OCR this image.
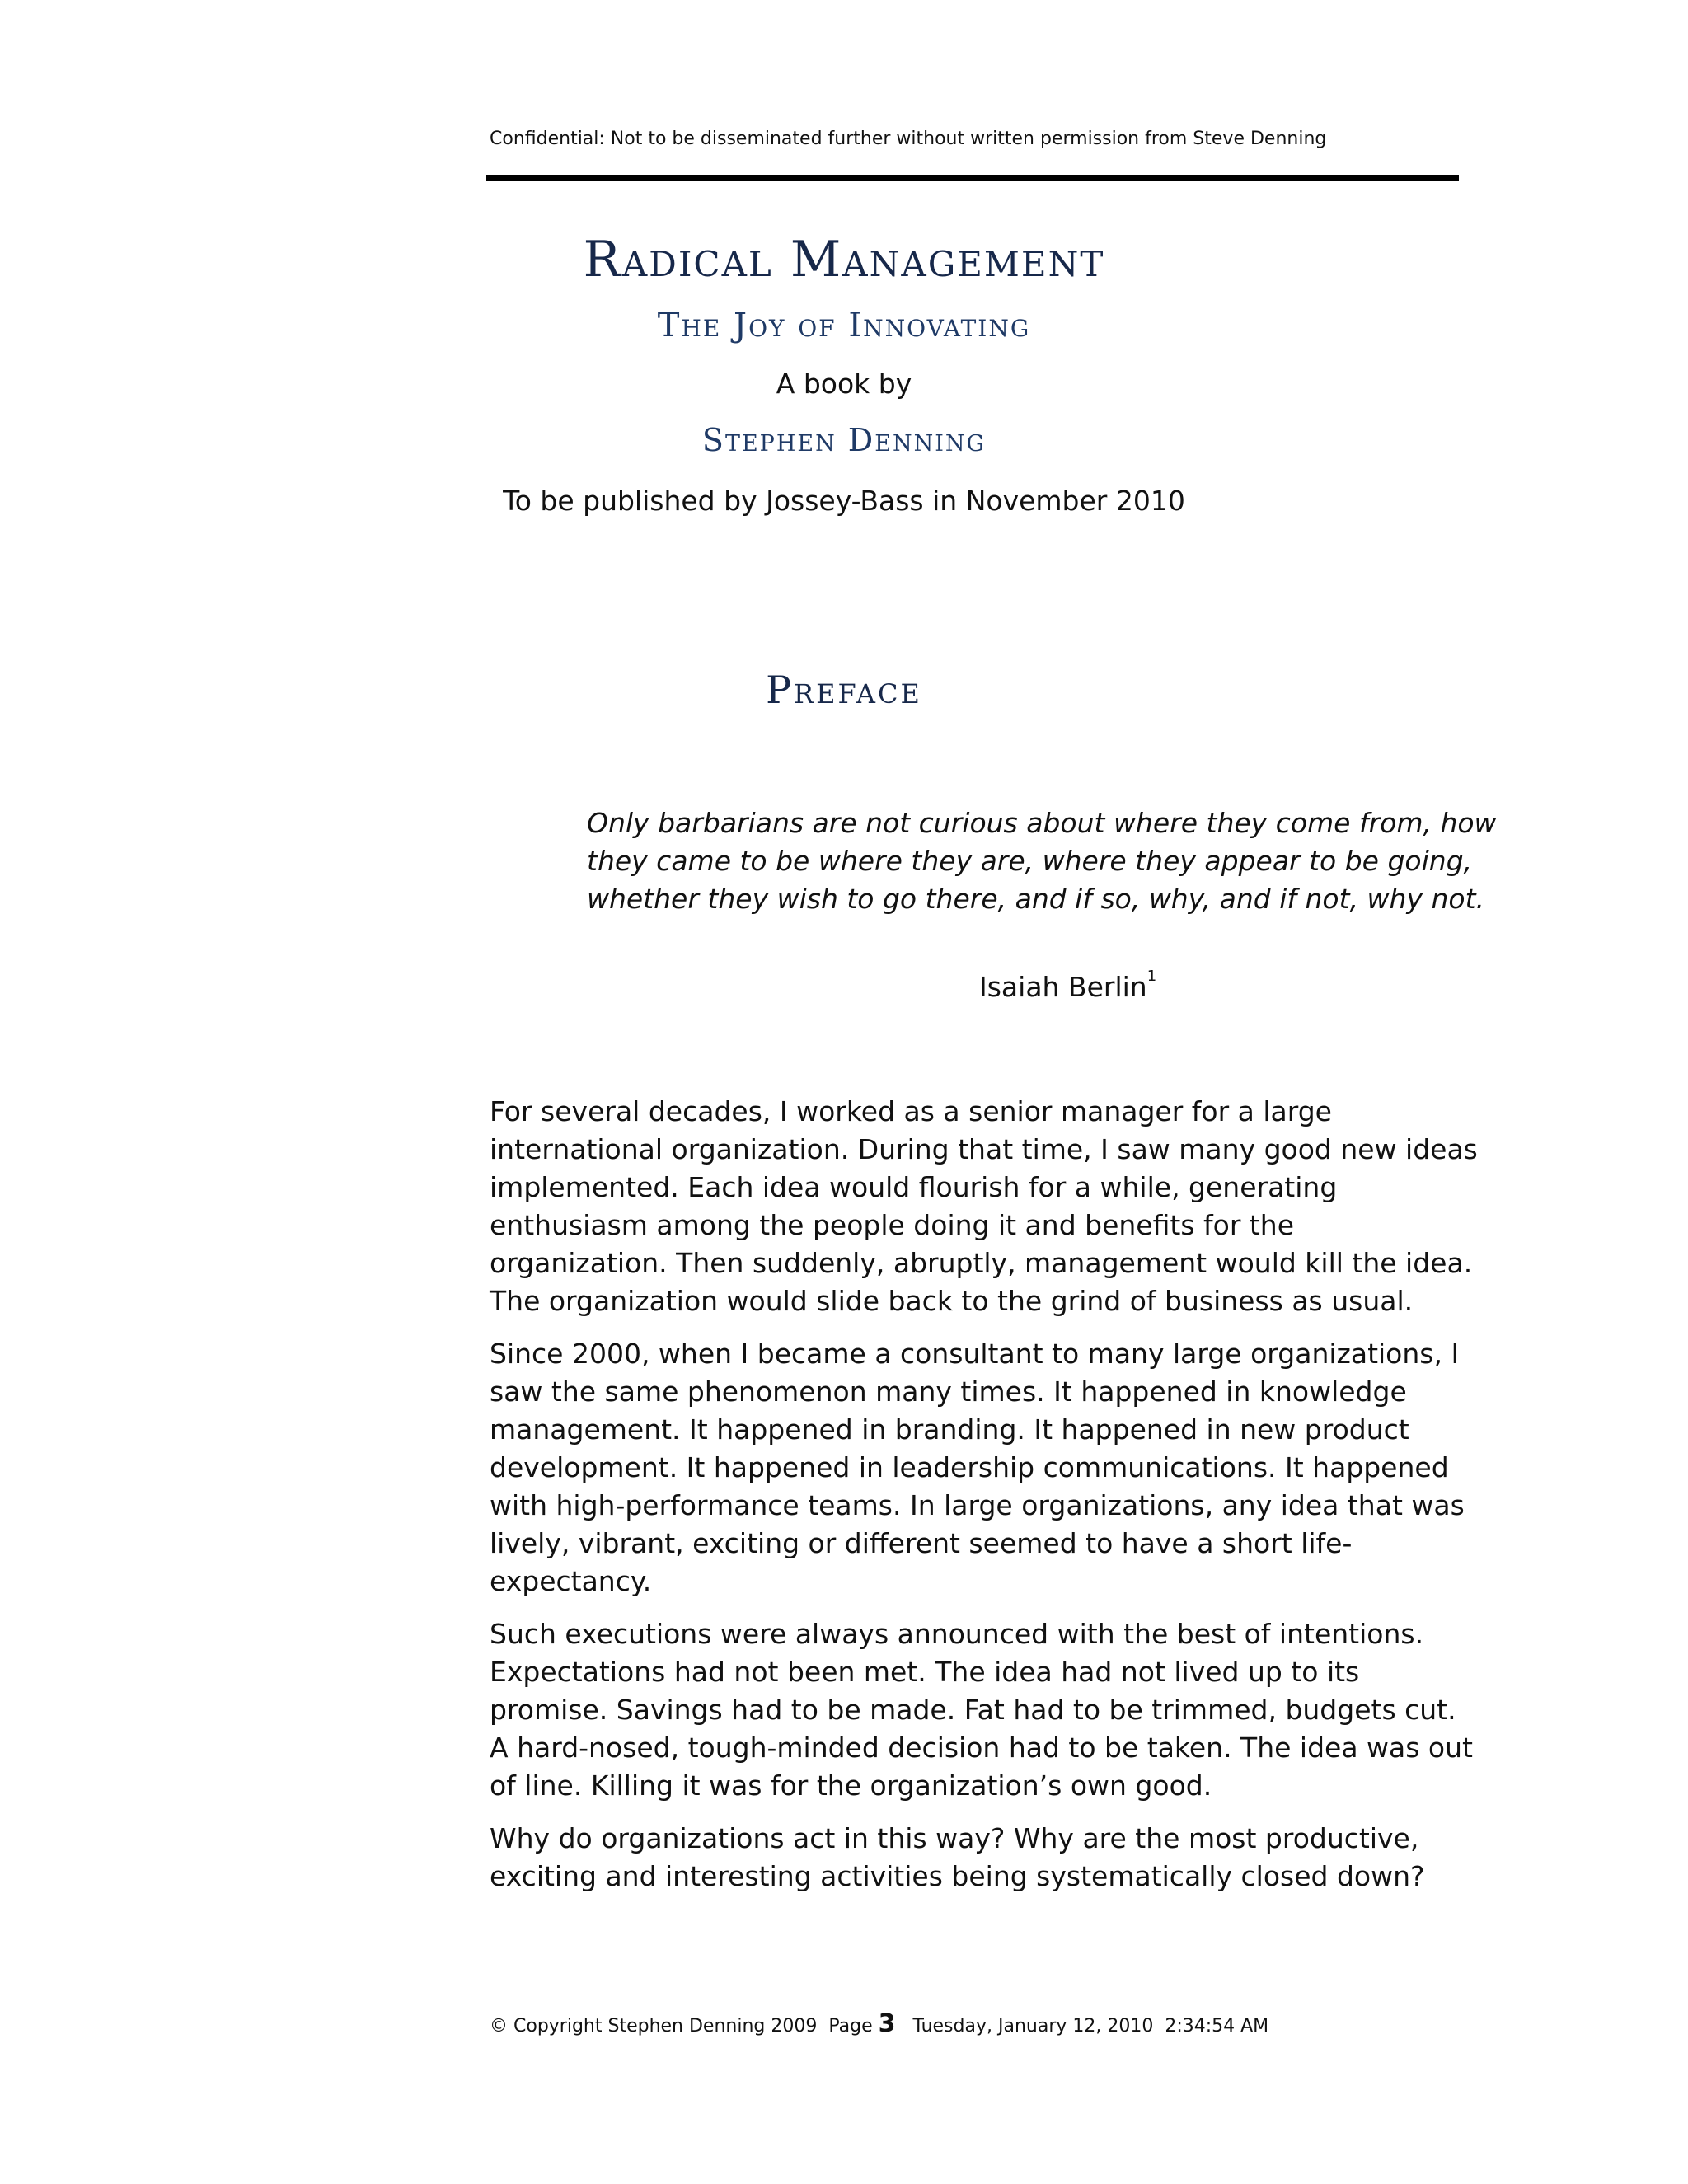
Confidential: Not to be disseminated further without written permission from Steve Denning
Radical Management
The Joy of Innovating
A book by
Stephen Denning
To be published by Jossey-Bass in November 2010
Preface
Only barbarians are not curious about where they come from, how they came to be where they are, where they appear to be going, whether they wish to go there, and if so, why, and if not, why not.
Isaiah Berlin$^1$

For several decades, I worked as a senior manager for a large international organization. During that time, I saw many good new ideas implemented. Each idea would flourish for a while, generating enthusiasm among the people doing it and benefits for the organization. Then suddenly, abruptly, management would kill the idea. The organization would slide back to the grind of business as usual.

Since 2000, when I became a consultant to many large organizations, I saw the same phenomenon many times. It happened in knowledge management. It happened in branding. It happened in new product development. It happened in leadership communications. It happened with high-performance teams. In large organizations, any idea that was lively, vibrant, exciting or different seemed to have a short life-expectancy.

Such executions were always announced with the best of intentions. Expectations had not been met. The idea had not lived up to its promise. Savings had to be made. Fat had to be trimmed, budgets cut. A hard-nosed, tough-minded decision had to be taken. The idea was out of line. Killing it was for the organization’s own good.

Why do organizations act in this way? Why are the most productive, exciting and interesting activities being systematically closed down?

© Copyright Stephen Denning 2009 Page 3 Tuesday, January 12, 2010  2:34:54 AM
